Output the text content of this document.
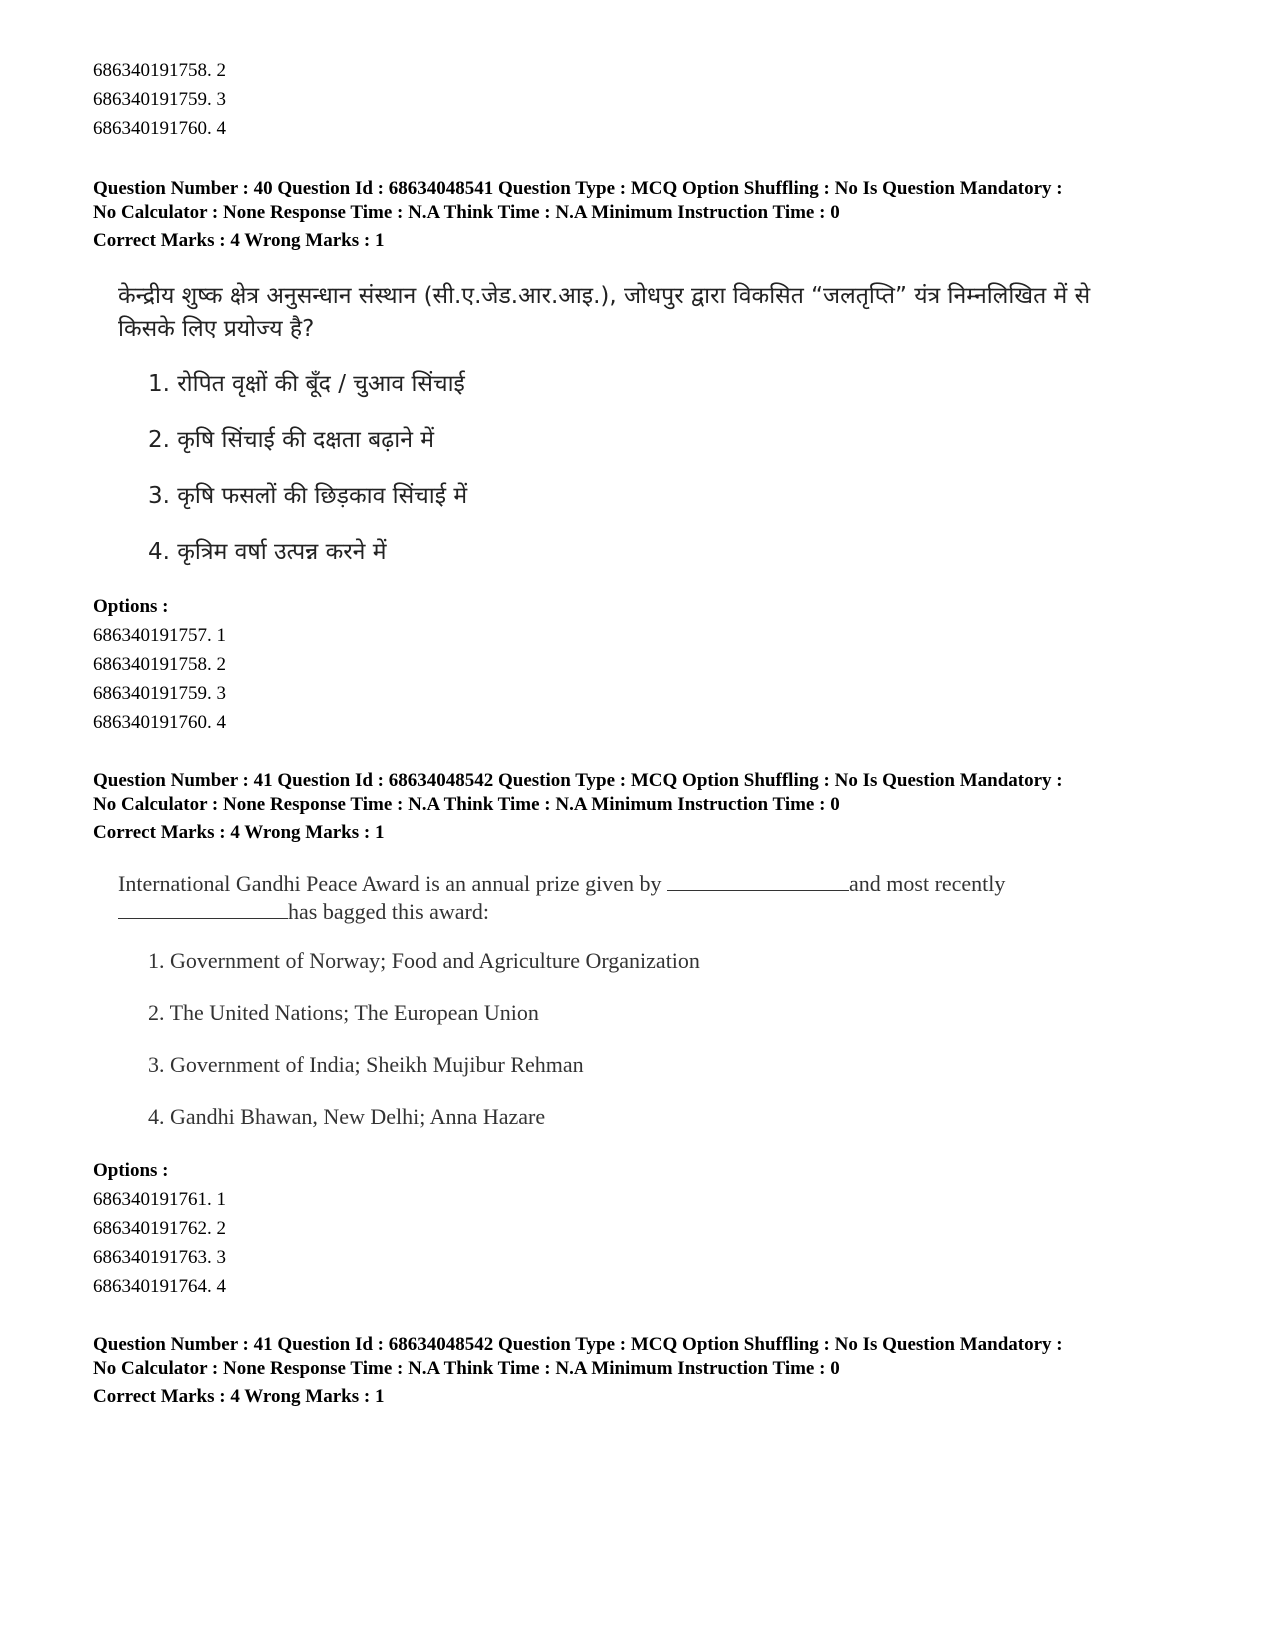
686340191758. 2
686340191759. 3
686340191760. 4
Question Number : 40 Question Id : 68634048541 Question Type : MCQ Option Shuffling : No Is Question Mandatory :
No Calculator : None Response Time : N.A Think Time : N.A Minimum Instruction Time : 0
Correct Marks : 4 Wrong Marks : 1
केन्द्रीय शुष्क क्षेत्र अनुसन्धान संस्थान (सी.ए.जेड.आर.आइ.), जोधपुर द्वारा विकसित “जलतृप्ति” यंत्र निम्नलिखित में से
किसके लिए प्रयोज्य है?
1. रोपित वृक्षों की बूँद / चुआव सिंचाई
2. कृषि सिंचाई की दक्षता बढ़ाने में
3. कृषि फसलों की छिड़काव सिंचाई में
4. कृत्रिम वर्षा उत्पन्न करने में
Options :
686340191757. 1
686340191758. 2
686340191759. 3
686340191760. 4
Question Number : 41 Question Id : 68634048542 Question Type : MCQ Option Shuffling : No Is Question Mandatory :
No Calculator : None Response Time : N.A Think Time : N.A Minimum Instruction Time : 0
Correct Marks : 4 Wrong Marks : 1
International Gandhi Peace Award is an annual prize given by	and most recently
has bagged this award:
1. Government of Norway; Food and Agriculture Organization
2. The United Nations; The European Union
3. Government of India; Sheikh Mujibur Rehman
4. Gandhi Bhawan, New Delhi; Anna Hazare
Options :
686340191761. 1
686340191762. 2
686340191763. 3
686340191764. 4
Question Number : 41 Question Id : 68634048542 Question Type : MCQ Option Shuffling : No Is Question Mandatory :
No Calculator : None Response Time : N.A Think Time : N.A Minimum Instruction Time : 0
Correct Marks : 4 Wrong Marks : 1
